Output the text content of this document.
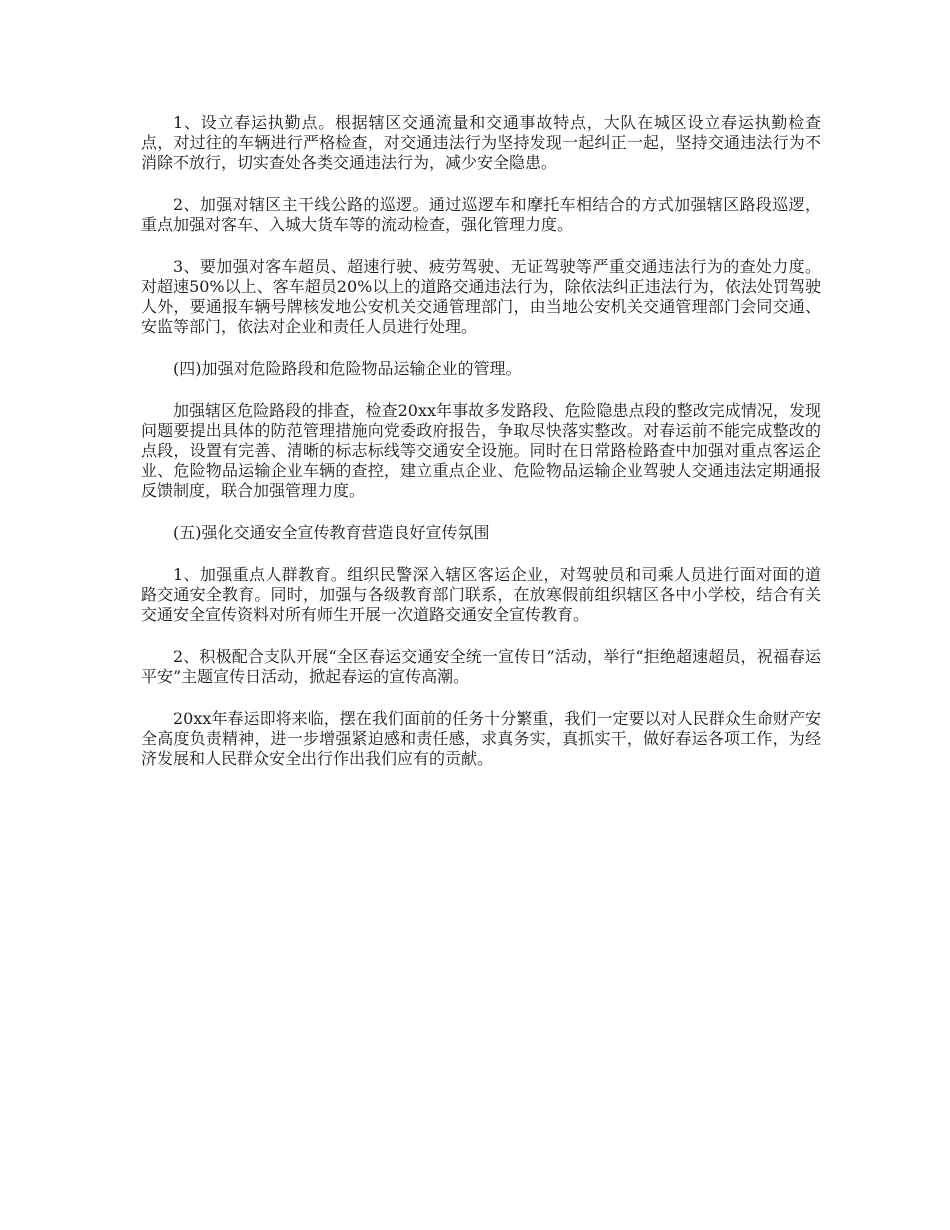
1、设立春运执勤点。根据辖区交通流量和交通事故特点，大队在城区设立春运执勤检查点，对过往的车辆进行严格检查，对交通违法行为坚持发现一起纠正一起，坚持交通违法行为不消除不放行，切实查处各类交通违法行为，减少安全隐患。

2、加强对辖区主干线公路的巡逻。通过巡逻车和摩托车相结合的方式加强辖区路段巡逻，重点加强对客车、入城大货车等的流动检查，强化管理力度。

3、要加强对客车超员、超速行驶、疲劳驾驶、无证驾驶等严重交通违法行为的查处力度。对超速50%以上、客车超员20%以上的道路交通违法行为，除依法纠正违法行为，依法处罚驾驶人外，要通报车辆号牌核发地公安机关交通管理部门，由当地公安机关交通管理部门会同交通、安监等部门，依法对企业和责任人员进行处理。

(四)加强对危险路段和危险物品运输企业的管理。

加强辖区危险路段的排查，检查20xx年事故多发路段、危险隐患点段的整改完成情况，发现问题要提出具体的防范管理措施向党委政府报告，争取尽快落实整改。对春运前不能完成整改的点段，设置有完善、清晰的标志标线等交通安全设施。同时在日常路检路查中加强对重点客运企业、危险物品运输企业车辆的查控，建立重点企业、危险物品运输企业驾驶人交通违法定期通报反馈制度，联合加强管理力度。

(五)强化交通安全宣传教育营造良好宣传氛围

1、加强重点人群教育。组织民警深入辖区客运企业，对驾驶员和司乘人员进行面对面的道路交通安全教育。同时，加强与各级教育部门联系，在放寒假前组织辖区各中小学校，结合有关交通安全宣传资料对所有师生开展一次道路交通安全宣传教育。

2、积极配合支队开展“全区春运交通安全统一宣传日”活动，举行“拒绝超速超员，祝福春运平安”主题宣传日活动，掀起春运的宣传高潮。

20xx年春运即将来临，摆在我们面前的任务十分繁重，我们一定要以对人民群众生命财产安全高度负责精神，进一步增强紧迫感和责任感，求真务实，真抓实干，做好春运各项工作，为经济发展和人民群众安全出行作出我们应有的贡献。
